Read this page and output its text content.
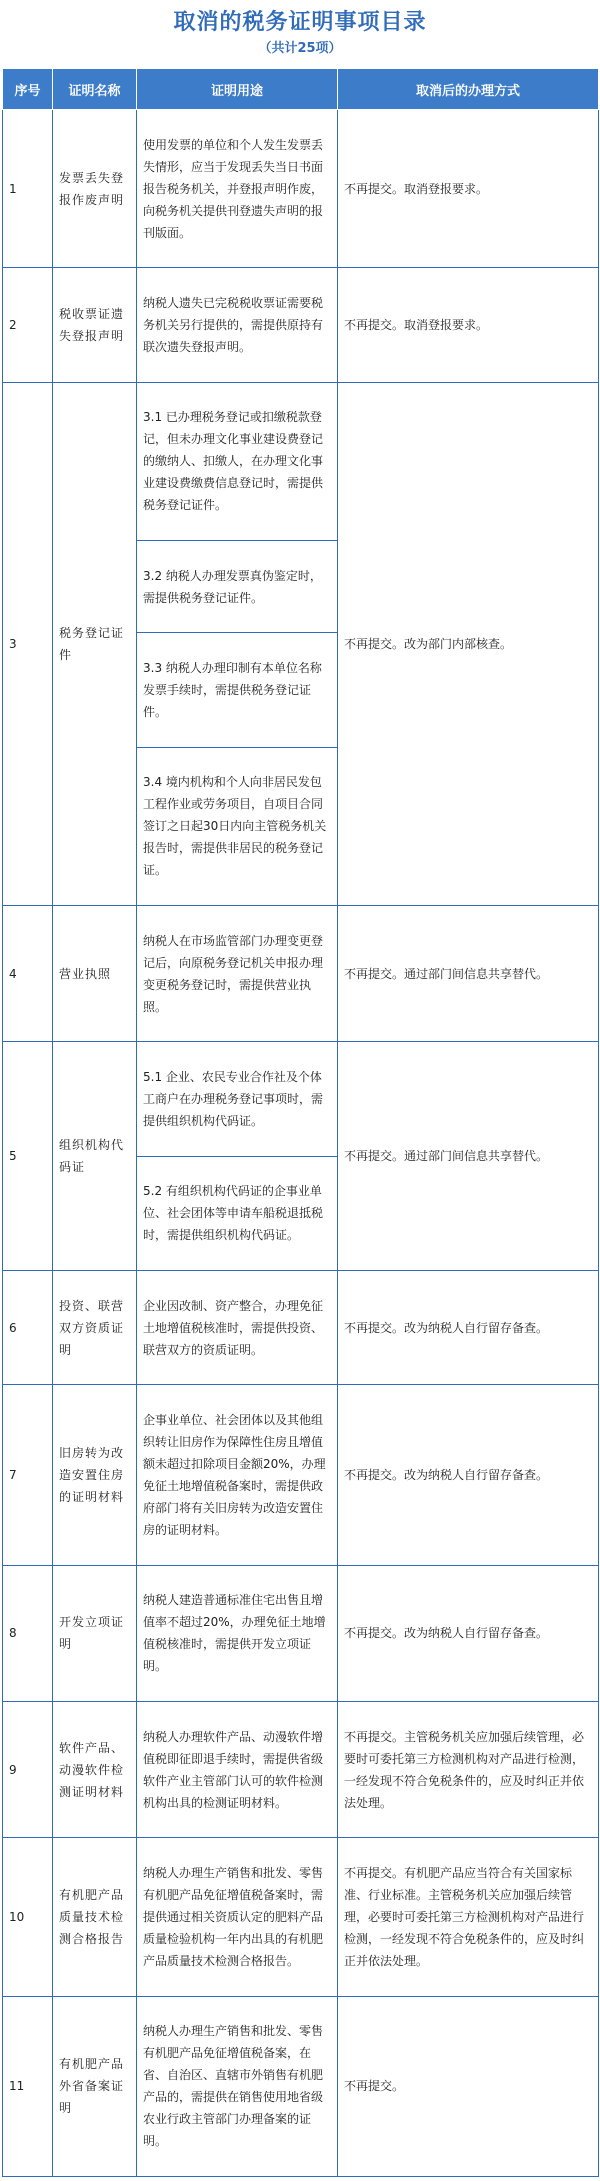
取消的税务证明事项目录
（共计25项）
序号	证明名称	证明用途	取消后的办理方式
1	发票丢失登报作废声明	使用发票的单位和个人发生发票丢失情形，应当于发现丢失当日书面报告税务机关，并登报声明作废，向税务机关提供刊登遗失声明的报刊版面。	不再提交。取消登报要求。
2	税收票证遗失登报声明	纳税人遗失已完税税收票证需要税务机关另行提供的，需提供原持有联次遗失登报声明。	不再提交。取消登报要求。
3	税务登记证件	3.1 已办理税务登记或扣缴税款登记，但未办理文化事业建设费登记的缴纳人、扣缴人，在办理文化事业建设费缴费信息登记时，需提供税务登记证件。	不再提交。改为部门内部核查。
		3.2 纳税人办理发票真伪鉴定时，需提供税务登记证件。	
		3.3 纳税人办理印制有本单位名称发票手续时，需提供税务登记证件。	
		3.4 境内机构和个人向非居民发包工程作业或劳务项目，自项目合同签订之日起30日内向主管税务机关报告时，需提供非居民的税务登记证。	
4	营业执照	纳税人在市场监管部门办理变更登记后，向原税务登记机关申报办理变更税务登记时，需提供营业执照。	不再提交。通过部门间信息共享替代。
5	组织机构代码证	5.1 企业、农民专业合作社及个体工商户在办理税务登记事项时，需提供组织机构代码证。	不再提交。通过部门间信息共享替代。
		5.2 有组织机构代码证的企事业单位、社会团体等申请车船税退抵税时，需提供组织机构代码证。	
6	投资、联营双方资质证明	企业因改制、资产整合，办理免征土地增值税核准时，需提供投资、联营双方的资质证明。	不再提交。改为纳税人自行留存备查。
7	旧房转为改造安置住房的证明材料	企事业单位、社会团体以及其他组织转让旧房作为保障性住房且增值额未超过扣除项目金额20%，办理免征土地增值税备案时，需提供政府部门将有关旧房转为改造安置住房的证明材料。	不再提交。改为纳税人自行留存备查。
8	开发立项证明	纳税人建造普通标准住宅出售且增值率不超过20%，办理免征土地增值税核准时，需提供开发立项证明。	不再提交。改为纳税人自行留存备查。
9	软件产品、动漫软件检测证明材料	纳税人办理软件产品、动漫软件增值税即征即退手续时，需提供省级软件产业主管部门认可的软件检测机构出具的检测证明材料。	不再提交。主管税务机关应加强后续管理，必要时可委托第三方检测机构对产品进行检测，一经发现不符合免税条件的，应及时纠正并依法处理。
10	有机肥产品质量技术检测合格报告	纳税人办理生产销售和批发、零售有机肥产品免征增值税备案时，需提供通过相关资质认定的肥料产品质量检验机构一年内出具的有机肥产品质量技术检测合格报告。	不再提交。有机肥产品应当符合有关国家标准、行业标准。主管税务机关应加强后续管理，必要时可委托第三方检测机构对产品进行检测，一经发现不符合免税条件的，应及时纠正并依法处理。
11	有机肥产品外省备案证明	纳税人办理生产销售和批发、零售有机肥产品免征增值税备案，在省、自治区、直辖市外销售有机肥产品的，需提供在销售使用地省级农业行政主管部门办理备案的证明。	不再提交。
